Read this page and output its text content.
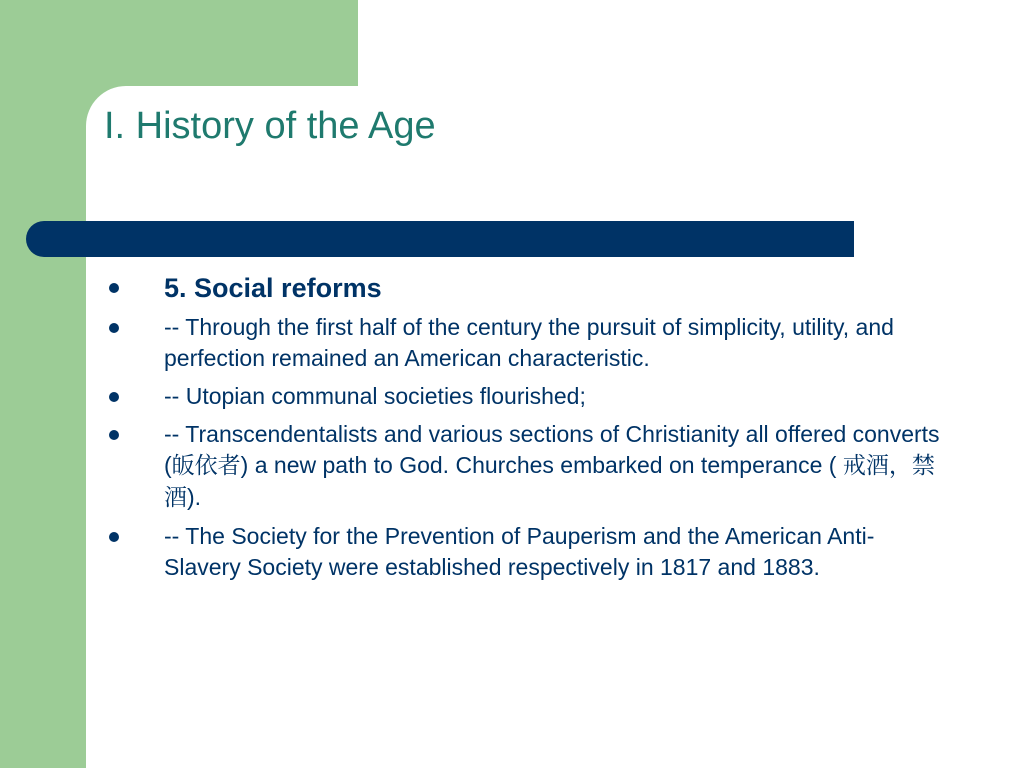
I. History of the Age
5. Social reforms
-- Through the first half of the century the pursuit of simplicity, utility, and perfection remained an American characteristic.
-- Utopian communal societies flourished;
-- Transcendentalists and various sections of Christianity all offered converts (皈依者) a new path to God. Churches embarked on temperance ( 戒酒，禁酒).
-- The Society for the Prevention of Pauperism and the American Anti-Slavery Society were established respectively in 1817 and 1883.
